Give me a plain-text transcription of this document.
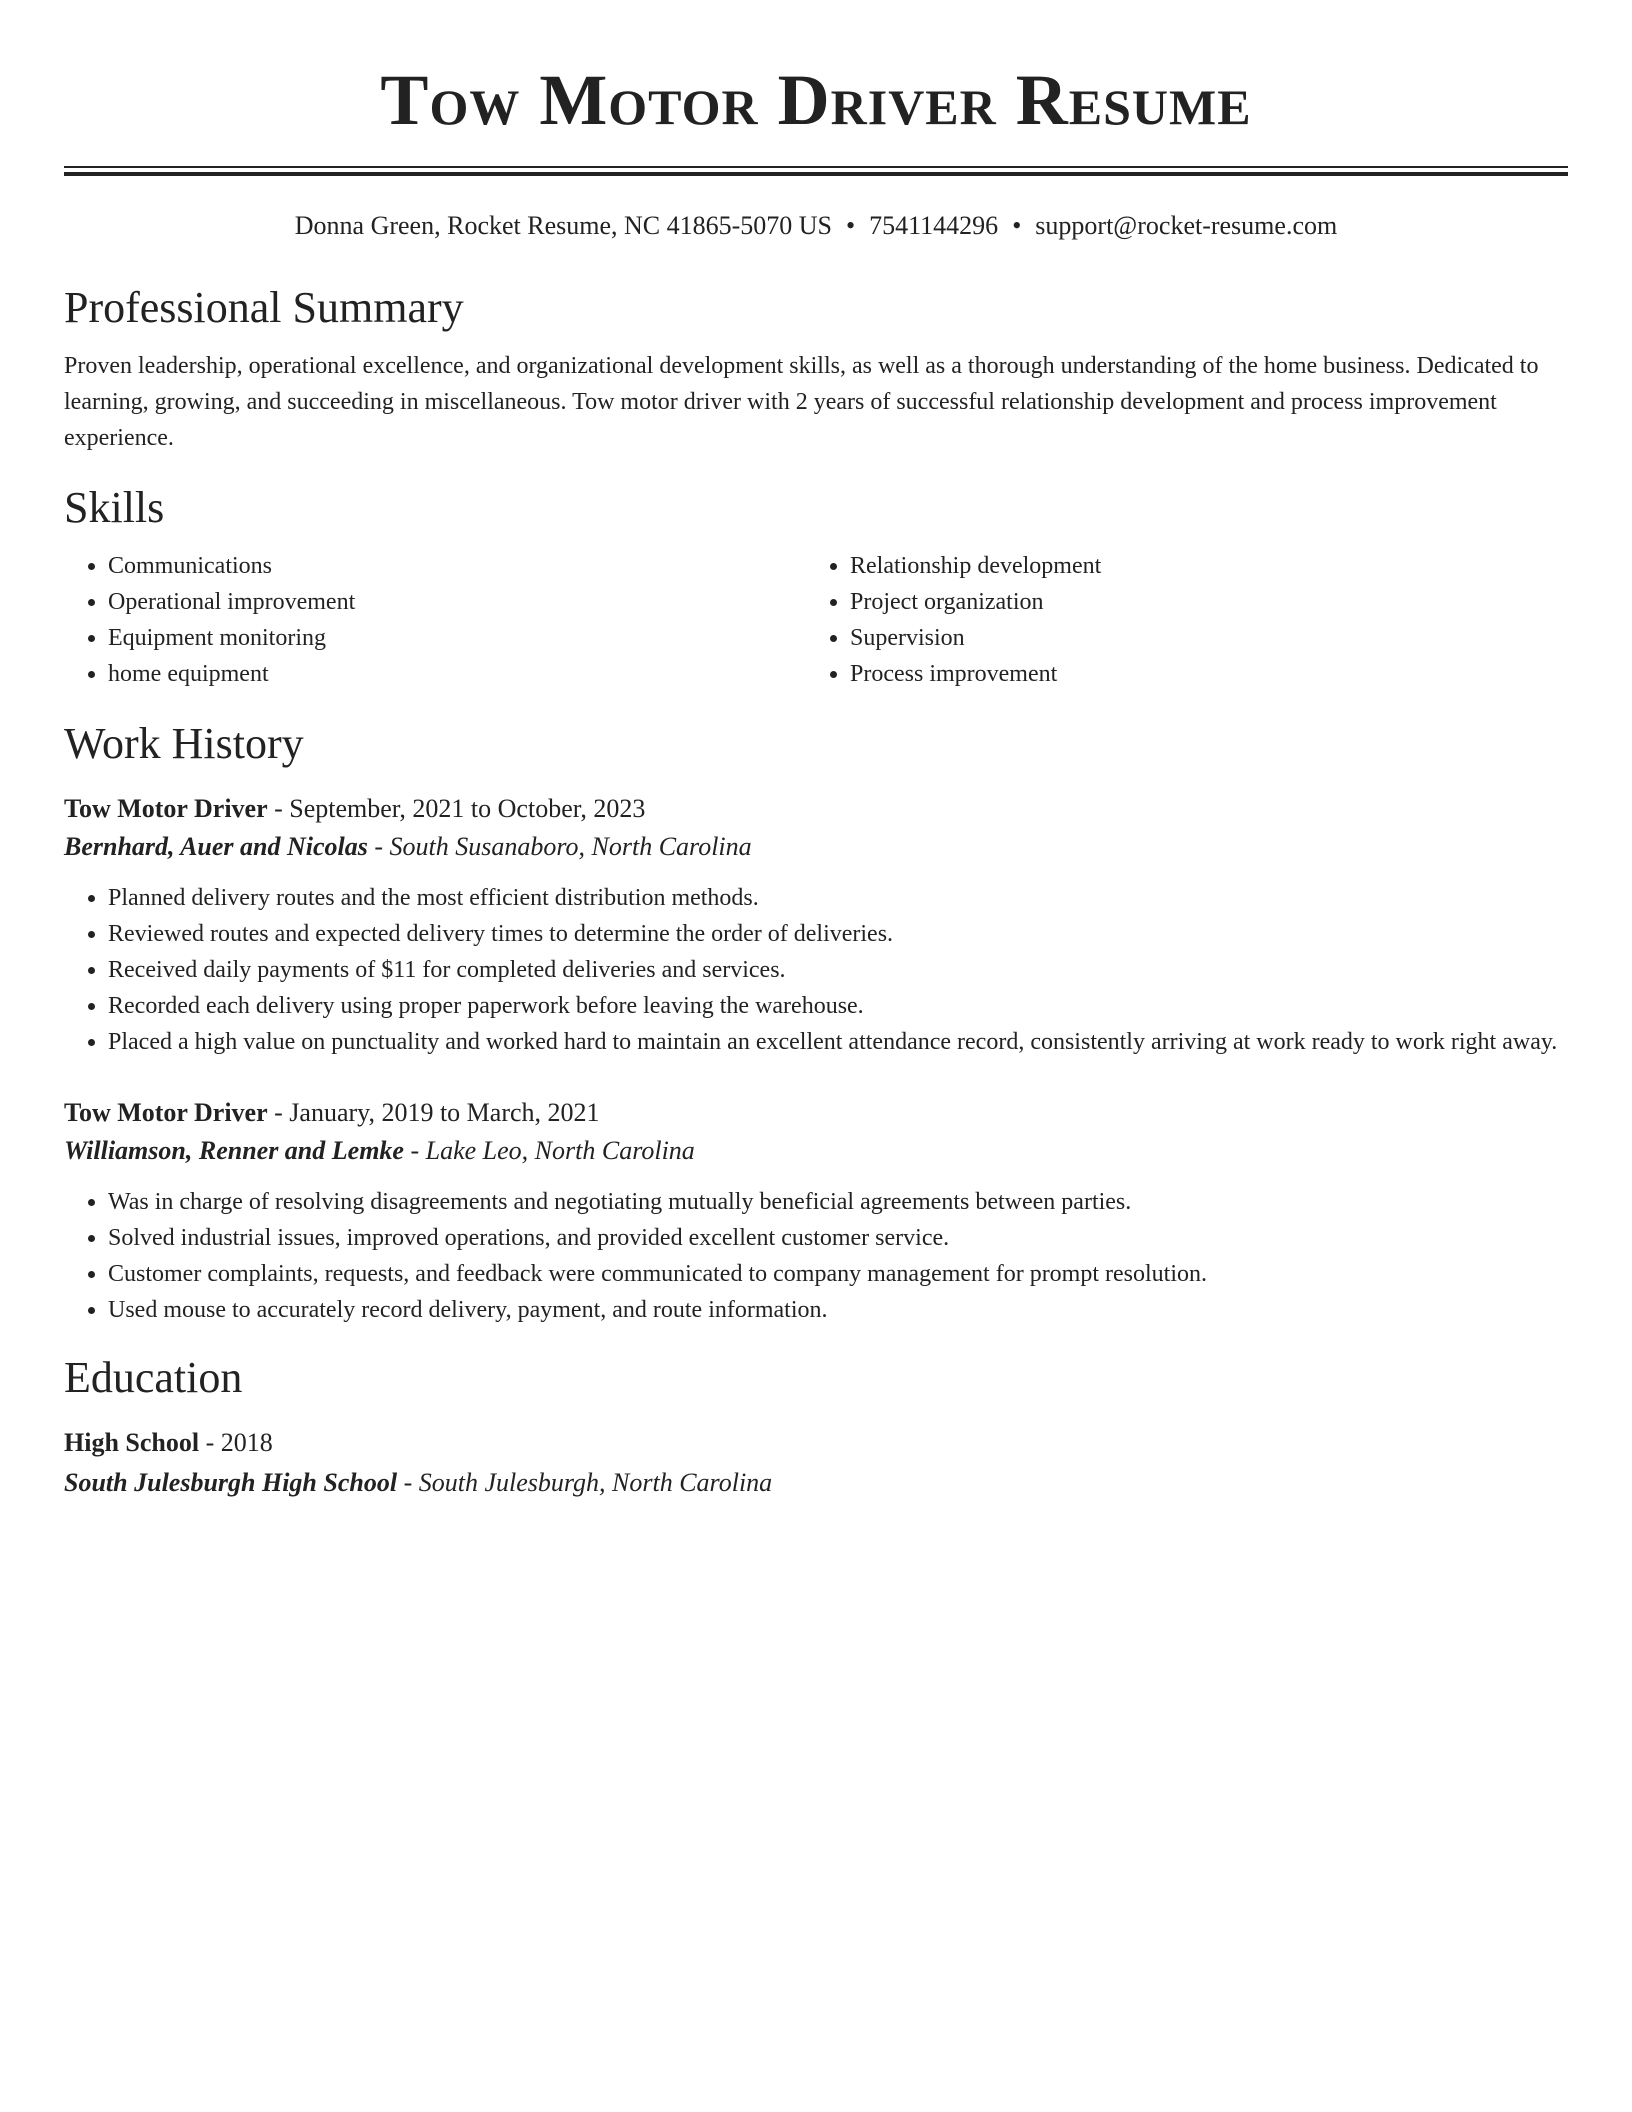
Tow Motor Driver Resume
Donna Green, Rocket Resume, NC 41865-5070 US • 7541144296 • support@rocket-resume.com
Professional Summary

Proven leadership, operational excellence, and organizational development skills, as well as a thorough understanding of the home business. Dedicated to learning, growing, and succeeding in miscellaneous. Tow motor driver with 2 years of successful relationship development and process improvement experience.

Skills
• Communications
• Operational improvement
• Equipment monitoring
• home equipment
• Relationship development
• Project organization
• Supervision
• Process improvement
Work History
Tow Motor Driver - September, 2021 to October, 2023
Bernhard, Auer and Nicolas - South Susanaboro, North Carolina
• Planned delivery routes and the most efficient distribution methods.
• Reviewed routes and expected delivery times to determine the order of deliveries.
• Received daily payments of $11 for completed deliveries and services.
• Recorded each delivery using proper paperwork before leaving the warehouse.
• Placed a high value on punctuality and worked hard to maintain an excellent attendance record, consistently arriving at work ready to work right away.
Tow Motor Driver - January, 2019 to March, 2021
Williamson, Renner and Lemke - Lake Leo, North Carolina
• Was in charge of resolving disagreements and negotiating mutually beneficial agreements between parties.
• Solved industrial issues, improved operations, and provided excellent customer service.
• Customer complaints, requests, and feedback were communicated to company management for prompt resolution.
• Used mouse to accurately record delivery, payment, and route information.
Education
High School - 2018
South Julesburgh High School - South Julesburgh, North Carolina
